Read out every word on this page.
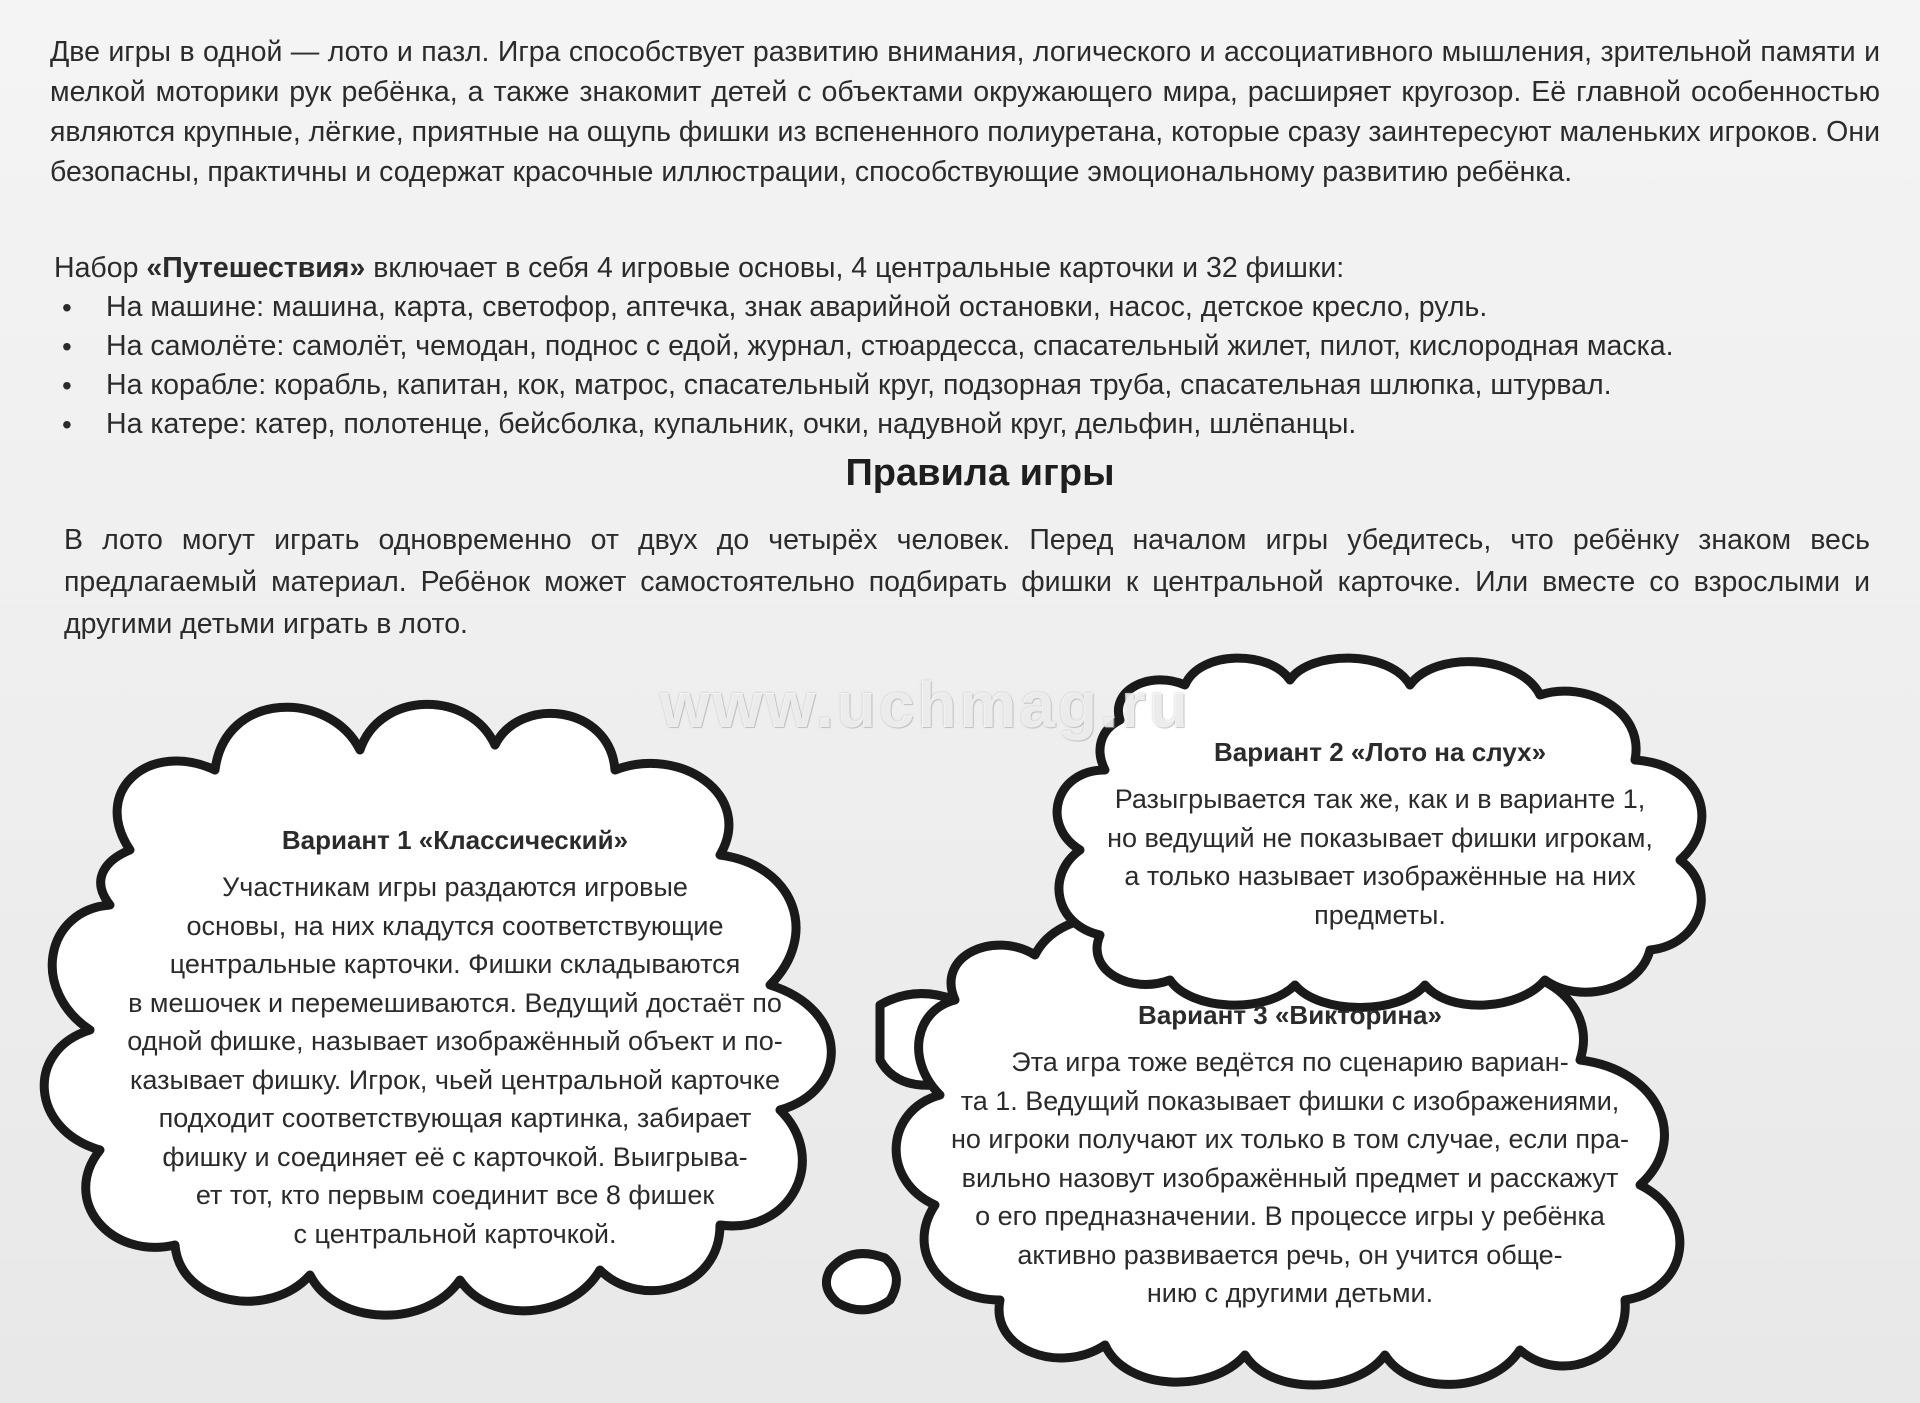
Две игры в одной — лото и пазл. Игра способствует развитию внимания, логического и ассоциативного мышления, зрительной памяти и мелкой моторики рук ребёнка, а также знакомит детей с объектами окружающего мира, расширяет кругозор. Её главной особенностью являются крупные, лёгкие, приятные на ощупь фишки из вспененного полиуретана, которые сразу заинтересуют маленьких игроков. Они безопасны, практичны и содержат красочные иллюстрации, способствующие эмоциональному развитию ребёнка.
Набор «Путешествия» включает в себя 4 игровые основы, 4 центральные карточки и 32 фишки:
• На машине: машина, карта, светофор, аптечка, знак аварийной остановки, насос, детское кресло, руль.
• На самолёте: самолёт, чемодан, поднос с едой, журнал, стюардесса, спасательный жилет, пилот, кислородная маска.
• На корабле: корабль, капитан, кок, матрос, спасательный круг, подзорная труба, спасательная шлюпка, штурвал.
• На катере: катер, полотенце, бейсболка, купальник, очки, надувной круг, дельфин, шлёпанцы.
Правила игры
В лото могут играть одновременно от двух до четырёх человек. Перед началом игры убедитесь, что ребёнку знаком весь предлагаемый материал. Ребёнок может самостоятельно подбирать фишки к центральной карточке. Или вместе со взрослыми и другими детьми играть в лото.
www.uchmag.ru
Вариант 1 «Классический»
Участникам игры раздаются игровые
основы, на них кладутся соответствующие
центральные карточки. Фишки складываются
в мешочек и перемешиваются. Ведущий достаёт по
одной фишке, называет изображённый объект и по-
казывает фишку. Игрок, чьей центральной карточке
подходит соответствующая картинка, забирает
фишку и соединяет её с карточкой. Выигрыва-
ет тот, кто первым соединит все 8 фишек
с центральной карточкой.
Вариант 2 «Лото на слух»
Разыгрывается так же, как и в варианте 1,
но ведущий не показывает фишки игрокам,
а только называет изображённые на них
предметы.
Вариант 3 «Викторина»
Эта игра тоже ведётся по сценарию вариан-
та 1. Ведущий показывает фишки с изображениями,
но игроки получают их только в том случае, если пра-
вильно назовут изображённый предмет и расскажут
о его предназначении. В процессе игры у ребёнка
активно развивается речь, он учится обще-
нию с другими детьми.
